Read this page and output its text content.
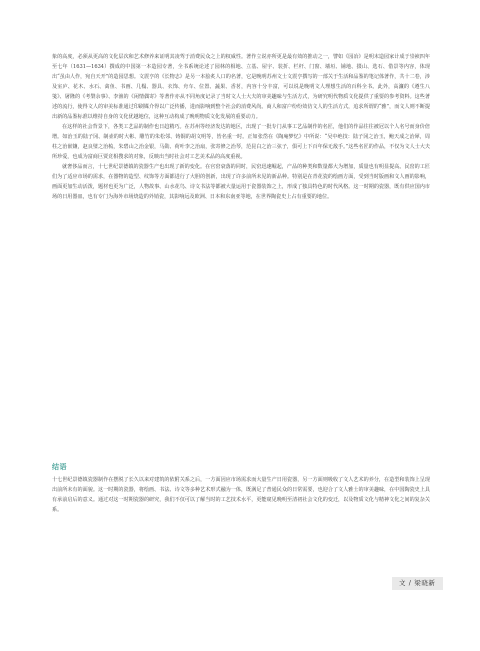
象的高度，必须从更高的文化层次和艺术修养来证明其凌驾于消费民众之上的权威性。著作立说亦所更是最有效的推动之一，譬如《园冶》是明末造园家计成于崇祯四年至七年（1631—1634）撰成的中国第一本造园专著，全书系统论述了园林的相地、立基、屋宇、装折、栏杆、门窗、墙垣、铺地、掇山、选石、借景等内容，体现出“虽由人作，宛自天开”的造园思想。文震亨的《长物志》是另一本脍炙人口的名著，它是晚明苏州文士文震亨撰写的一部关于生活和品鉴的笔记体著作，共十二卷，涉及室庐、花木、水石、禽鱼、书画、几榻、器具、衣饰、舟车、位置、蔬果、香茗，内容十分丰富，可以说是晚明文人理想生活的百科全书。此外，高濂的《遵生八笺》、屠隆的《考槃余事》、李渔的《闲情偶寄》等著作亦从不同角度记录了当时文人士大夫的审美趣味与生活方式，为研究明代物质文化提供了重要的参考资料。这些著述的流行，使得文人的审美标准通过印刷媒介得以广泛传播，进而影响到整个社会的消费风尚。商人和富户纷纷效仿文人的生活方式，追求所谓的“雅”，而文人则不断提出新的品鉴标准以维持自身的文化优越地位，这种互动构成了晚明物质文化发展的重要动力。

在这样的社会背景下，各类工艺品的制作也日趋精巧。在苏州等经济发达的地区，出现了一批专门从事工艺品制作的名匠，他们的作品往往被冠以个人名号而身价倍增。如治玉的陆子冈、制壶的时大彬、雕竹的朱松邻、铸铜的胡文明等，皆名重一时。正如张岱在《陶庵梦忆》中所说：“吴中绝技：陆子冈之治玉，鲍天成之治犀，周柱之治嵌镶，赵良璧之治梳，朱碧山之治金银，马勋、荷叶李之治扇，张寄修之治琴，范昆白之治三弦子，俱可上下百年保无敌手。”这些名匠的作品，不仅为文人士大夫所珍爱，也成为富商巨贾竞相搜求的对象，反映出当时社会对工艺美术品的高度重视。

就奢侈品而言，十七世纪景德镇的瓷器生产也出现了新的变化。在官窑衰落的同时，民窑迅速崛起，产品的种类和数量都大为增加，质量也有明显提高。民窑的工匠们为了适应市场的需求，在器物的造型、纹饰等方面都进行了大胆的创新，出现了许多前所未见的新品种。特别是在青花瓷的绘画方面，受到当时版画和文人画的影响，画面更加生动活泼，题材也更为广泛，人物故事、山水花鸟、诗文书法等都被大量运用于瓷器装饰之上，形成了独具特色的时代风格。这一时期的瓷器，既有供应国内市场的日用器皿，也有专门为海外市场烧造的外销瓷，其影响远及欧洲、日本和东南亚等地，在世界陶瓷史上占有重要的地位。

结语

十七世纪景德镇瓷器制作在摆脱了长久以来对建筑的依附关系之后，一方面因应市场需求而大量生产日用瓷器，另一方面则吸收了文人艺术的养分，在造型和装饰上呈现出前所未有的面貌。这一时期的瓷器，将绘画、书法、诗文等多种艺术形式融为一体，既满足了普通民众的日常需要，也迎合了文人雅士的审美趣味，在中国陶瓷史上具有承前启后的意义。通过对这一时期瓷器的研究，我们不仅可以了解当时的工艺技术水平，更能窥见晚明至清初社会文化的变迁，以及物质文化与精神文化之间的复杂关系。

文 / 梁晓新
